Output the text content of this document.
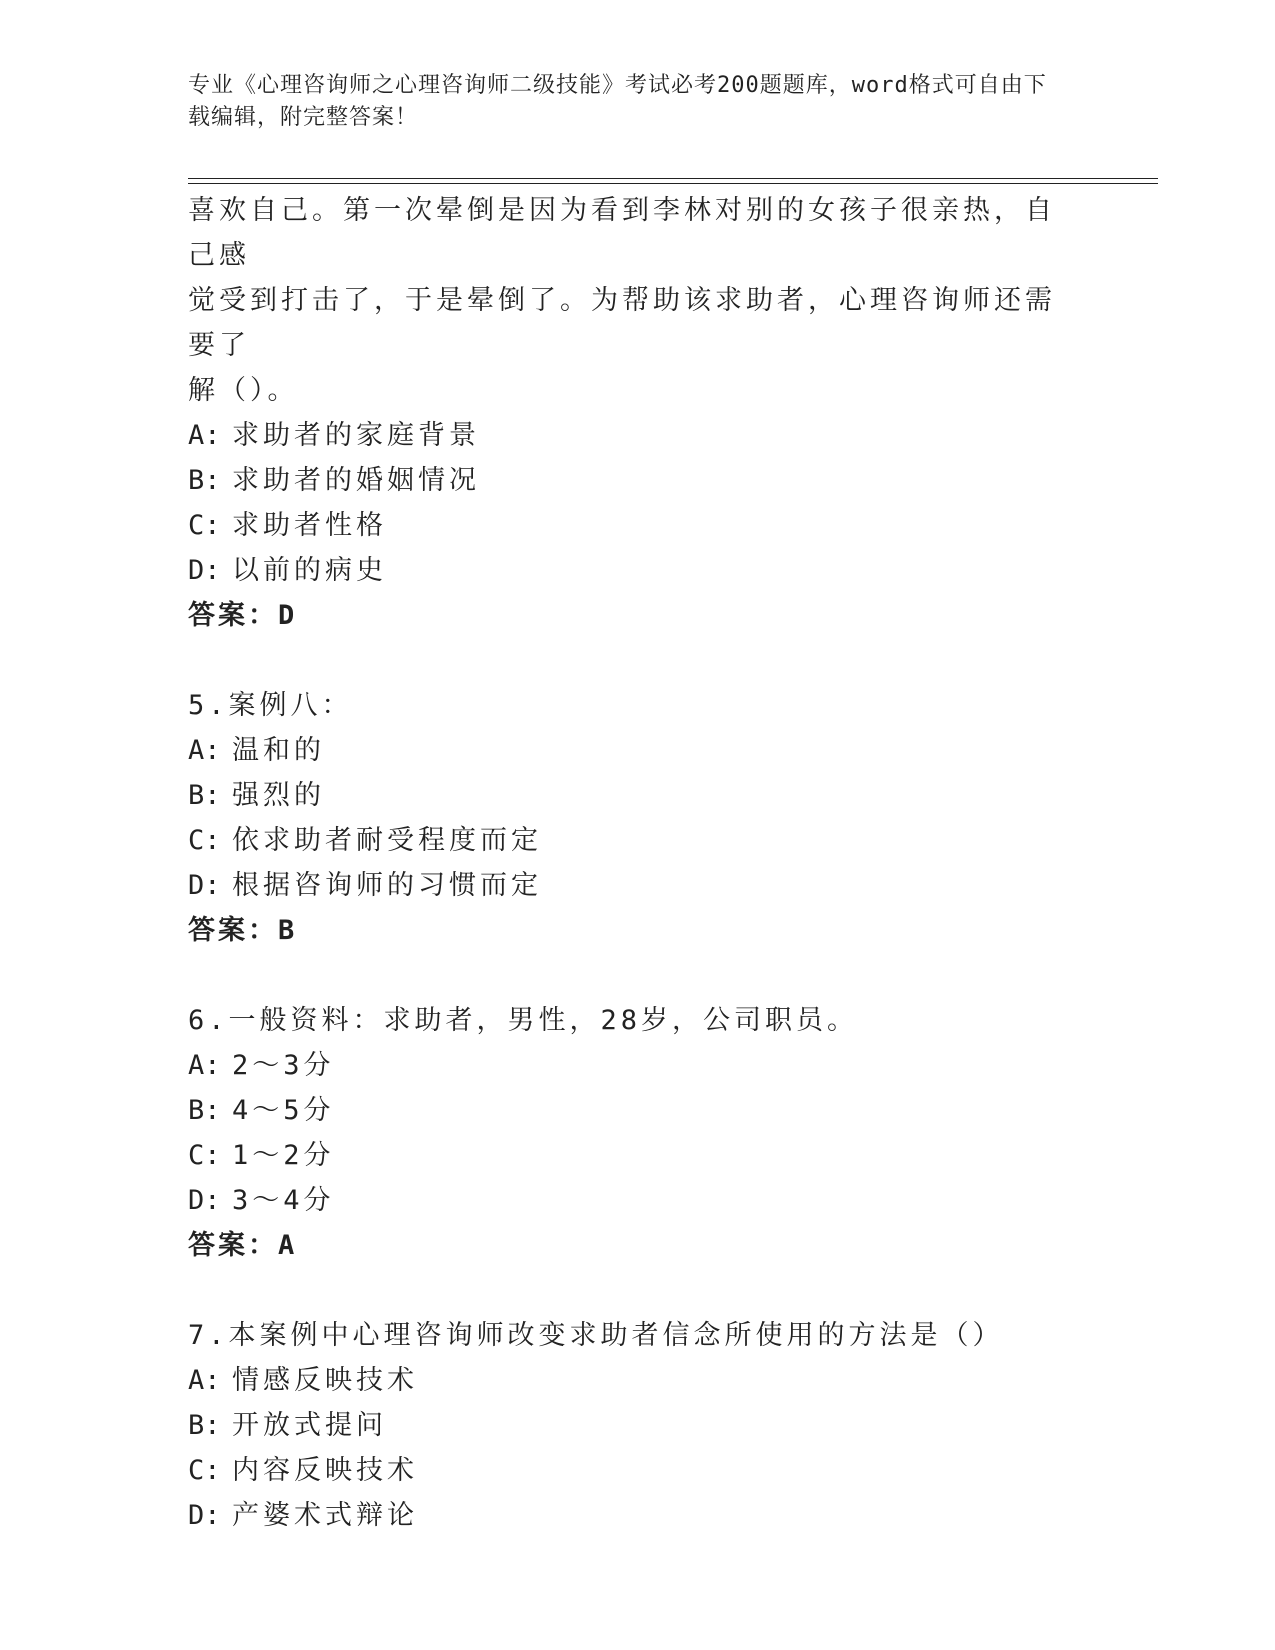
专业《心理咨询师之心理咨询师二级技能》考试必考200题题库，word格式可自由下载编辑，附完整答案！

喜欢自己。第一次晕倒是因为看到李林对别的女孩子很亲热，自己感

觉受到打击了，于是晕倒了。为帮助该求助者，心理咨询师还需要了

解（）。

A: 求助者的家庭背景
B: 求助者的婚姻情况
C: 求助者性格
D: 以前的病史
答案：D
5.案例八：
A: 温和的
B: 强烈的
C: 依求助者耐受程度而定
D: 根据咨询师的习惯而定
答案：B
6.一般资料：求助者，男性，28岁，公司职员。
A: 2～3分
B: 4～5分
C: 1～2分
D: 3～4分
答案：A
7.本案例中心理咨询师改变求助者信念所使用的方法是（）
A: 情感反映技术
B: 开放式提问
C: 内容反映技术
D: 产婆术式辩论
